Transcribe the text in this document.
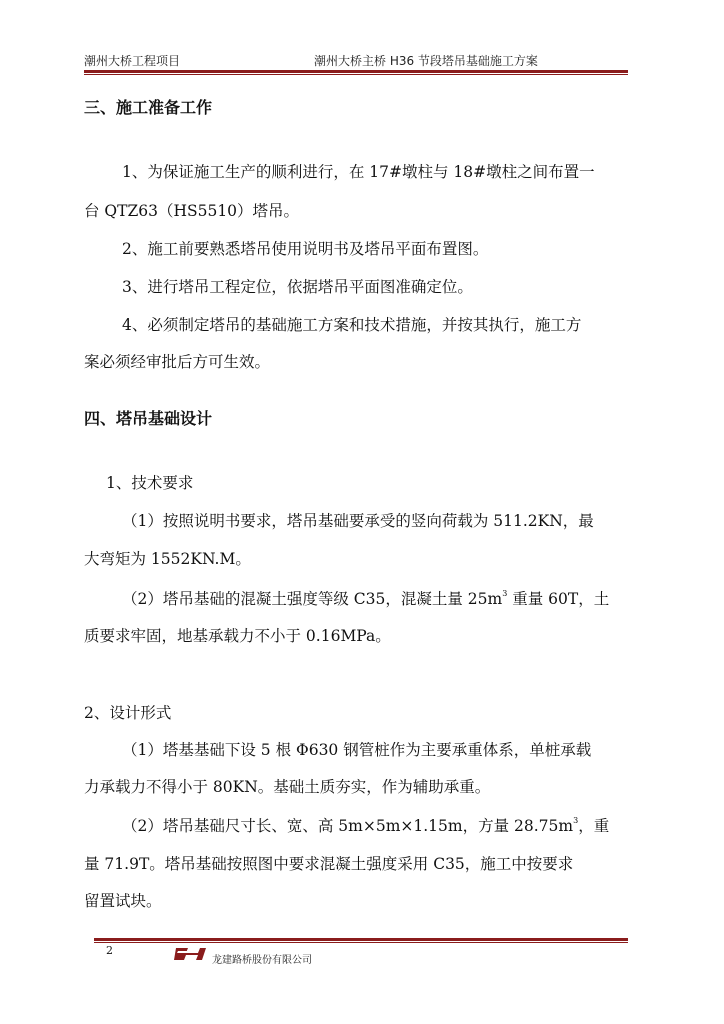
潮州大桥工程项目	潮州大桥主桥 H36 节段塔吊基础施工方案
三、施工准备工作
1、为保证施工生产的顺利进行，在 17#墩柱与 18#墩柱之间布置一
台 QTZ63（HS5510）塔吊。
2、施工前要熟悉塔吊使用说明书及塔吊平面布置图。
3、进行塔吊工程定位，依据塔吊平面图准确定位。
4、必须制定塔吊的基础施工方案和技术措施，并按其执行，施工方
案必须经审批后方可生效。
四、塔吊基础设计
1、技术要求
（1）按照说明书要求，塔吊基础要承受的竖向荷载为 511.2KN，最
大弯矩为 1552KN.M。
（2）塔吊基础的混凝土强度等级 C35，混凝土量 $25m^3$ 重量 60T，土
质要求牢固，地基承载力不小于 0.16MPa。
2、设计形式
（1）塔基基础下设 5 根 Φ630 钢管桩作为主要承重体系，单桩承载
力承载力不得小于 80KN。基础土质夯实，作为辅助承重。
（2）塔吊基础尺寸长、宽、高 5m×5m×1.15m，方量 $28.75m^3$，重
量 71.9T。塔吊基础按照图中要求混凝土强度采用 C35，施工中按要求
留置试块。
2
龙建路桥股份有限公司
